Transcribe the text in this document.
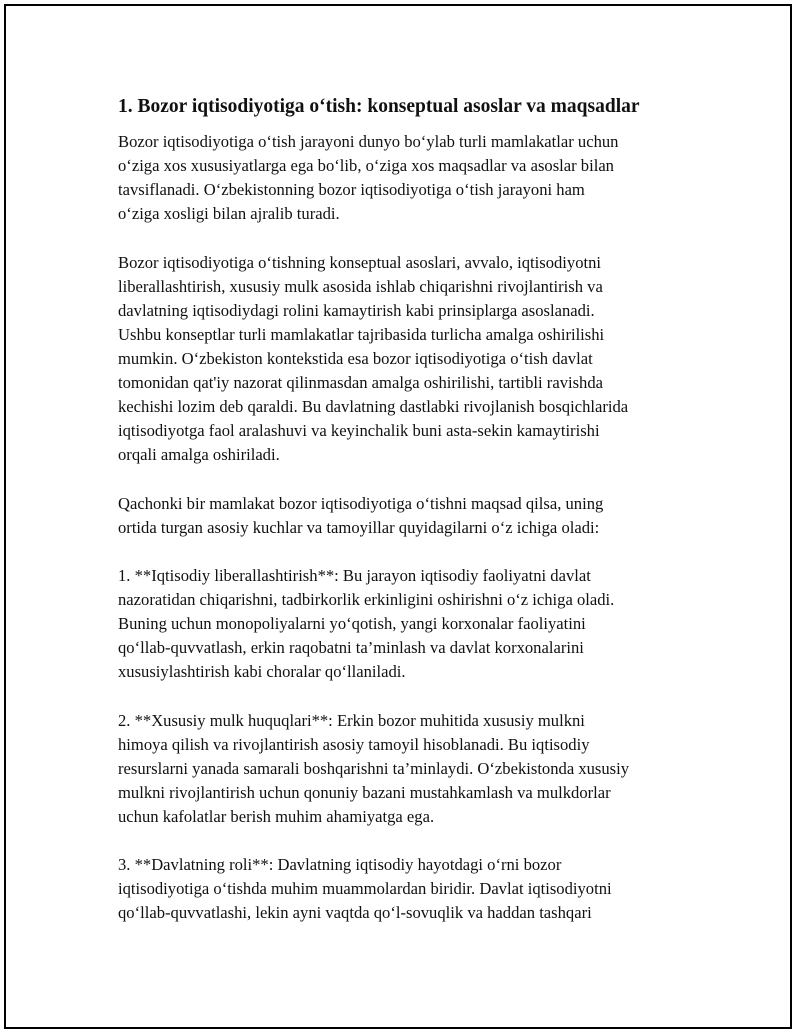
1. Bozor iqtisodiyotiga o‘tish: konseptual asoslar va maqsadlar

Bozor iqtisodiyotiga o‘tish jarayoni dunyo bo‘ylab turli mamlakatlar uchun
o‘ziga xos xususiyatlarga ega bo‘lib, o‘ziga xos maqsadlar va asoslar bilan
tavsiflanadi. O‘zbekistonning bozor iqtisodiyotiga o‘tish jarayoni ham
o‘ziga xosligi bilan ajralib turadi.

Bozor iqtisodiyotiga o‘tishning konseptual asoslari, avvalo, iqtisodiyotni
liberallashtirish, xususiy mulk asosida ishlab chiqarishni rivojlantirish va
davlatning iqtisodiydagi rolini kamaytirish kabi prinsiplarga asoslanadi.
Ushbu konseptlar turli mamlakatlar tajribasida turlicha amalga oshirilishi
mumkin. O‘zbekiston kontekstida esa bozor iqtisodiyotiga o‘tish davlat
tomonidan qat'iy nazorat qilinmasdan amalga oshirilishi, tartibli ravishda
kechishi lozim deb qaraldi. Bu davlatning dastlabki rivojlanish bosqichlarida
iqtisodiyotga faol aralashuvi va keyinchalik buni asta-sekin kamaytirishi
orqali amalga oshiriladi.

Qachonki bir mamlakat bozor iqtisodiyotiga o‘tishni maqsad qilsa, uning
ortida turgan asosiy kuchlar va tamoyillar quyidagilarni o‘z ichiga oladi:

1. **Iqtisodiy liberallashtirish**: Bu jarayon iqtisodiy faoliyatni davlat
nazoratidan chiqarishni, tadbirkorlik erkinligini oshirishni o‘z ichiga oladi.
Buning uchun monopoliyalarni yo‘qotish, yangi korxonalar faoliyatini
qo‘llab-quvvatlash, erkin raqobatni ta’minlash va davlat korxonalarini
xususiylashtirish kabi choralar qo‘llaniladi.

2. **Xususiy mulk huquqlari**: Erkin bozor muhitida xususiy mulkni
himoya qilish va rivojlantirish asosiy tamoyil hisoblanadi. Bu iqtisodiy
resurslarni yanada samarali boshqarishni ta’minlaydi. O‘zbekistonda xususiy
mulkni rivojlantirish uchun qonuniy bazani mustahkamlash va mulkdorlar
uchun kafolatlar berish muhim ahamiyatga ega.

3. **Davlatning roli**: Davlatning iqtisodiy hayotdagi o‘rni bozor
iqtisodiyotiga o‘tishda muhim muammolardan biridir. Davlat iqtisodiyotni
qo‘llab-quvvatlashi, lekin ayni vaqtda qo‘l-sovuqlik va haddan tashqari
